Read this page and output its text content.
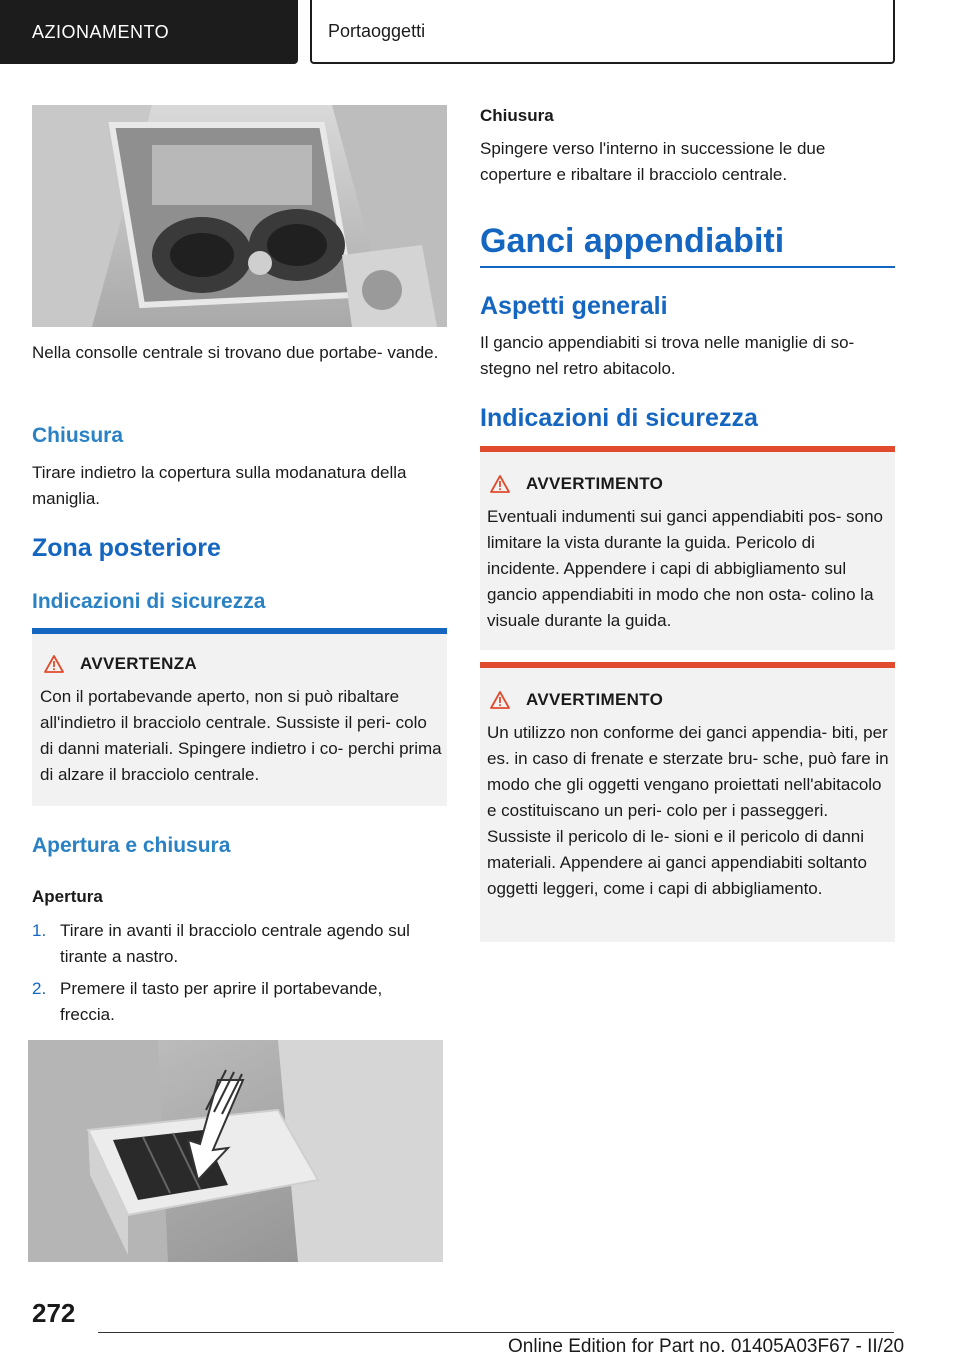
AZIONAMENTO	Portaoggetti

Nella consolle centrale si trovano due portabe- vande.

Chiusura

Tirare indietro la copertura sulla modanatura della maniglia.

Zona posteriore
Indicazioni di sicurezza
AVVERTENZA

Con il portabevande aperto, non si può ribaltare all'indietro il bracciolo centrale. Sussiste il peri- colo di danni materiali. Spingere indietro i co- perchi prima di alzare il bracciolo centrale.

Apertura e chiusura

Apertura

1. Tirare in avanti il bracciolo centrale agendo sul tirante a nastro.
2. Premere il tasto per aprire il portabevande, freccia.

Chiusura

Spingere verso l'interno in successione le due coperture e ribaltare il bracciolo centrale.

Ganci appendiabiti
Aspetti generali

Il gancio appendiabiti si trova nelle maniglie di so- stegno nel retro abitacolo.

Indicazioni di sicurezza
AVVERTIMENTO

Eventuali indumenti sui ganci appendiabiti pos- sono limitare la vista durante la guida. Pericolo di incidente. Appendere i capi di abbigliamento sul gancio appendiabiti in modo che non osta- colino la visuale durante la guida.

AVVERTIMENTO

Un utilizzo non conforme dei ganci appendia- biti, per es. in caso di frenate e sterzate bru- sche, può fare in modo che gli oggetti vengano proiettati nell'abitacolo e costituiscano un peri- colo per i passeggeri. Sussiste il pericolo di le- sioni e il pericolo di danni materiali. Appendere ai ganci appendiabiti soltanto oggetti leggeri, come i capi di abbigliamento.

272
Online Edition for Part no. 01405A03F67 - II/20
